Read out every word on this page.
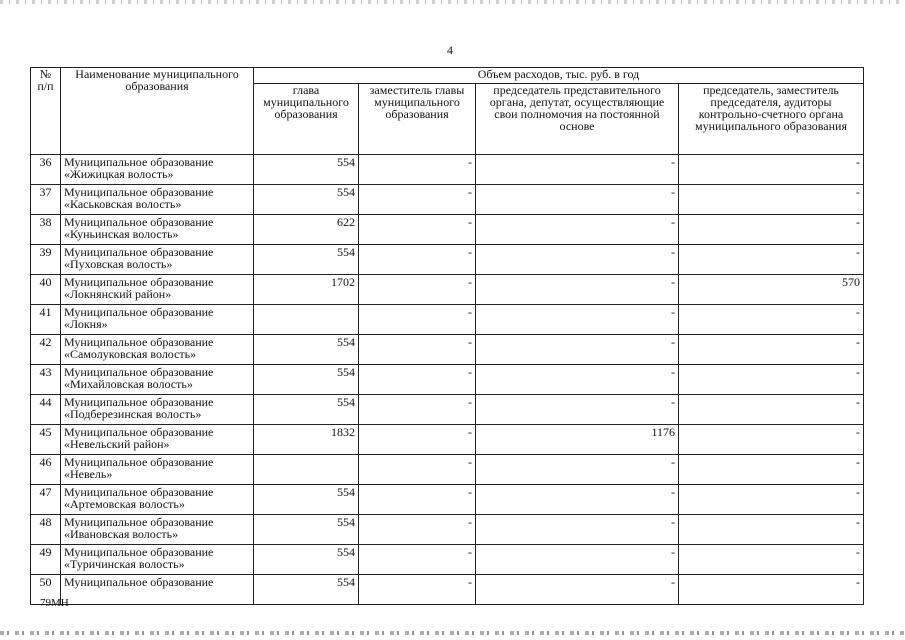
4
№ п/п	Наименование муниципального образования	Объем расходов, тыс. руб. в год			
		глава муниципального образования	заместитель главы муниципального образования	председатель представительного органа, депутат, осуществляющие свои полномочия на постоянной основе	председатель, заместитель председателя, аудиторы контрольно-счетного органа муниципального образования
36	Муниципальное образование «Жижицкая волость»	554	-	-	-
37	Муниципальное образование «Каськовская волость»	554	-	-	-
38	Муниципальное образование «Куньинская волость»	622	-	-	-
39	Муниципальное образование «Пуховская волость»	554	-	-	-
40	Муниципальное образование «Локнянский район»	1702	-	-	570
41	Муниципальное образование «Локня»		-	-	-
42	Муниципальное образование «Самолуковская волость»	554	-	-	-
43	Муниципальное образование «Михайловская волость»	554	-	-	-
44	Муниципальное образование «Подберезинская волость»	554	-	-	-
45	Муниципальное образование «Невельский район»	1832	-	1176	-
46	Муниципальное образование «Невель»		-	-	-
47	Муниципальное образование «Артемовская волость»	554	-	-	-
48	Муниципальное образование «Ивановская волость»	554	-	-	-
49	Муниципальное образование «Туричинская волость»	554	-	-	-
50	Муниципальное образование	554	-	-	-
79МН
